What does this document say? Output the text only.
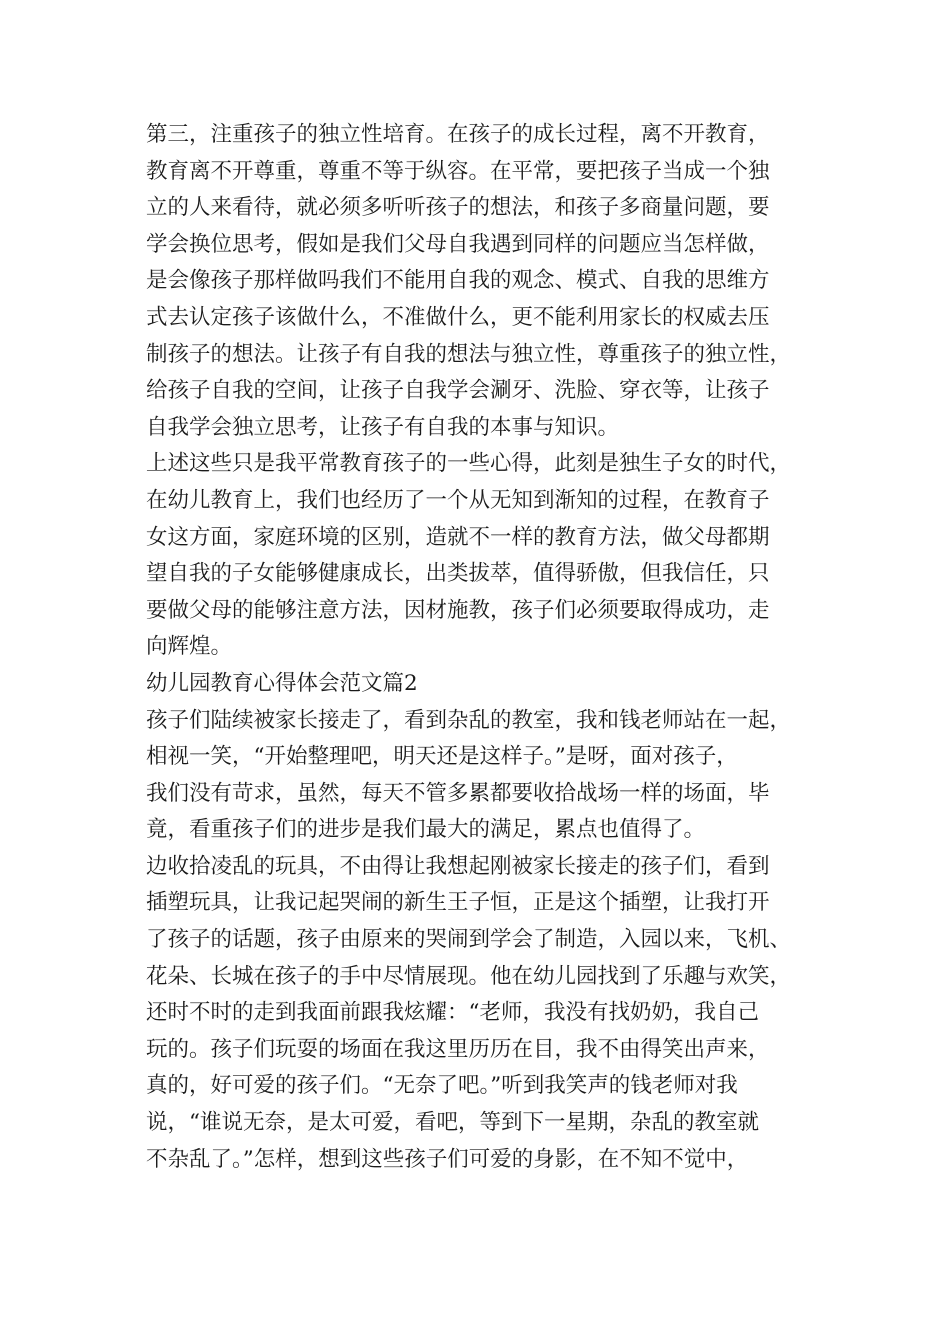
第三，注重孩子的独立性培育。在孩子的成长过程，离不开教育，
教育离不开尊重，尊重不等于纵容。在平常，要把孩子当成一个独
立的人来看待，就必须多听听孩子的想法，和孩子多商量问题，要
学会换位思考，假如是我们父母自我遇到同样的问题应当怎样做，
是会像孩子那样做吗我们不能用自我的观念、模式、自我的思维方
式去认定孩子该做什么，不准做什么，更不能利用家长的权威去压
制孩子的想法。让孩子有自我的想法与独立性，尊重孩子的独立性，
给孩子自我的空间，让孩子自我学会涮牙、洗脸、穿衣等，让孩子
自我学会独立思考，让孩子有自我的本事与知识。
上述这些只是我平常教育孩子的一些心得，此刻是独生子女的时代，
在幼儿教育上，我们也经历了一个从无知到渐知的过程，在教育子
女这方面，家庭环境的区别，造就不一样的教育方法，做父母都期
望自我的子女能够健康成长，出类拔萃，值得骄傲，但我信任，只
要做父母的能够注意方法，因材施教，孩子们必须要取得成功，走
向辉煌。
幼儿园教育心得体会范文篇2
孩子们陆续被家长接走了，看到杂乱的教室，我和钱老师站在一起，
相视一笑，“开始整理吧，明天还是这样子。”是呀，面对孩子，
我们没有苛求，虽然，每天不管多累都要收拾战场一样的场面，毕
竟，看重孩子们的进步是我们最大的满足，累点也值得了。
边收拾凌乱的玩具，不由得让我想起刚被家长接走的孩子们，看到
插塑玩具，让我记起哭闹的新生王子恒，正是这个插塑，让我打开
了孩子的话题，孩子由原来的哭闹到学会了制造，入园以来，飞机、
花朵、长城在孩子的手中尽情展现。他在幼儿园找到了乐趣与欢笑，
还时不时的走到我面前跟我炫耀：“老师，我没有找奶奶，我自己
玩的。孩子们玩耍的场面在我这里历历在目，我不由得笑出声来，
真的，好可爱的孩子们。“无奈了吧。”听到我笑声的钱老师对我
说，“谁说无奈，是太可爱，看吧，等到下一星期，杂乱的教室就
不杂乱了。”怎样，想到这些孩子们可爱的身影，在不知不觉中，
